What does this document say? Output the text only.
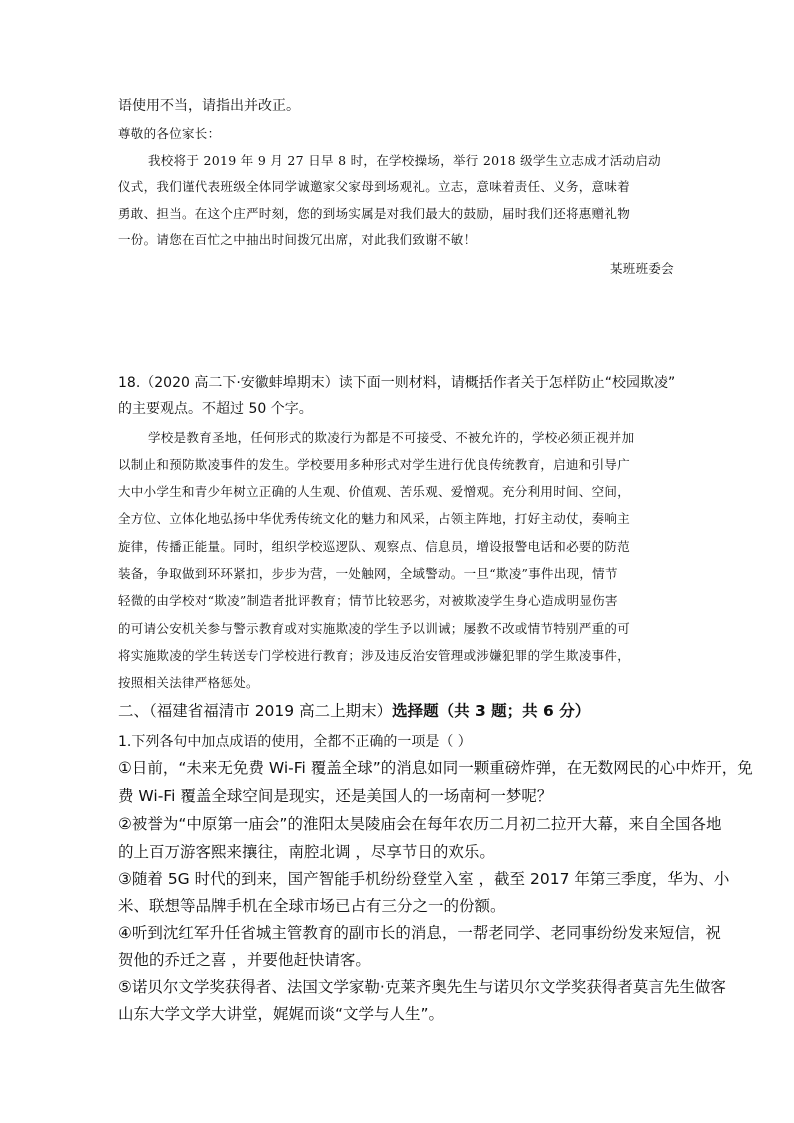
语使用不当，请指出并改正。
尊敬的各位家长：
我校将于 2019 年 9 月 27 日早 8 时，在学校操场，举行 2018 级学生立志成才活动启动
仪式，我们谨代表班级全体同学诚邀家父家母到场观礼。立志，意味着责任、义务，意味着
勇敢、担当。在这个庄严时刻，您的到场实属是对我们最大的鼓励，届时我们还将惠赠礼物
一份。请您在百忙之中抽出时间拨冗出席，对此我们致谢不敏！
某班班委会
18.（2020 高二下·安徽蚌埠期末）读下面一则材料，请概括作者关于怎样防止“校园欺凌”
的主要观点。不超过 50 个字。
学校是教育圣地，任何形式的欺凌行为都是不可接受、不被允许的，学校必须正视并加
以制止和预防欺凌事件的发生。学校要用多种形式对学生进行优良传统教育，启迪和引导广
大中小学生和青少年树立正确的人生观、价值观、苦乐观、爱憎观。充分利用时间、空间，
全方位、立体化地弘扬中华优秀传统文化的魅力和风采，占领主阵地，打好主动仗，奏响主
旋律，传播正能量。同时，组织学校巡逻队、观察点、信息员，增设报警电话和必要的防范
装备，争取做到环环紧扣，步步为营，一处触网，全域警动。一旦“欺凌”事件出现，情节
轻微的由学校对“欺凌”制造者批评教育；情节比较恶劣，对被欺凌学生身心造成明显伤害
的可请公安机关参与警示教育或对实施欺凌的学生予以训诫；屡教不改或情节特别严重的可
将实施欺凌的学生转送专门学校进行教育；涉及违反治安管理或涉嫌犯罪的学生欺凌事件，
按照相关法律严格惩处。
二、（福建省福清市 2019 高二上期末）选择题（共 3 题；共 6 分）
1.下列各句中加点成语的使用，全都不正确的一项是（ ）
①日前，“未来无免费 Wi-Fi 覆盖全球”的消息如同一颗重磅炸弹，在无数网民的心中炸开，免
费 Wi-Fi 覆盖全球空间是现实，还是美国人的一场南柯一梦呢？
②被誉为“中原第一庙会”的淮阳太昊陵庙会在每年农历二月初二拉开大幕，来自全国各地
的上百万游客熙来攘往，南腔北调 ，尽享节日的欢乐。
③随着 5G 时代的到来，国产智能手机纷纷登堂入室 ，截至 2017 年第三季度，华为、小
米、联想等品牌手机在全球市场已占有三分之一的份额。
④听到沈红军升任省城主管教育的副市长的消息，一帮老同学、老同事纷纷发来短信，祝
贺他的乔迁之喜 ，并要他赶快请客。
⑤诺贝尔文学奖获得者、法国文学家勒·克莱齐奥先生与诺贝尔文学奖获得者莫言先生做客
山东大学文学大讲堂，娓娓而谈“文学与人生”。
